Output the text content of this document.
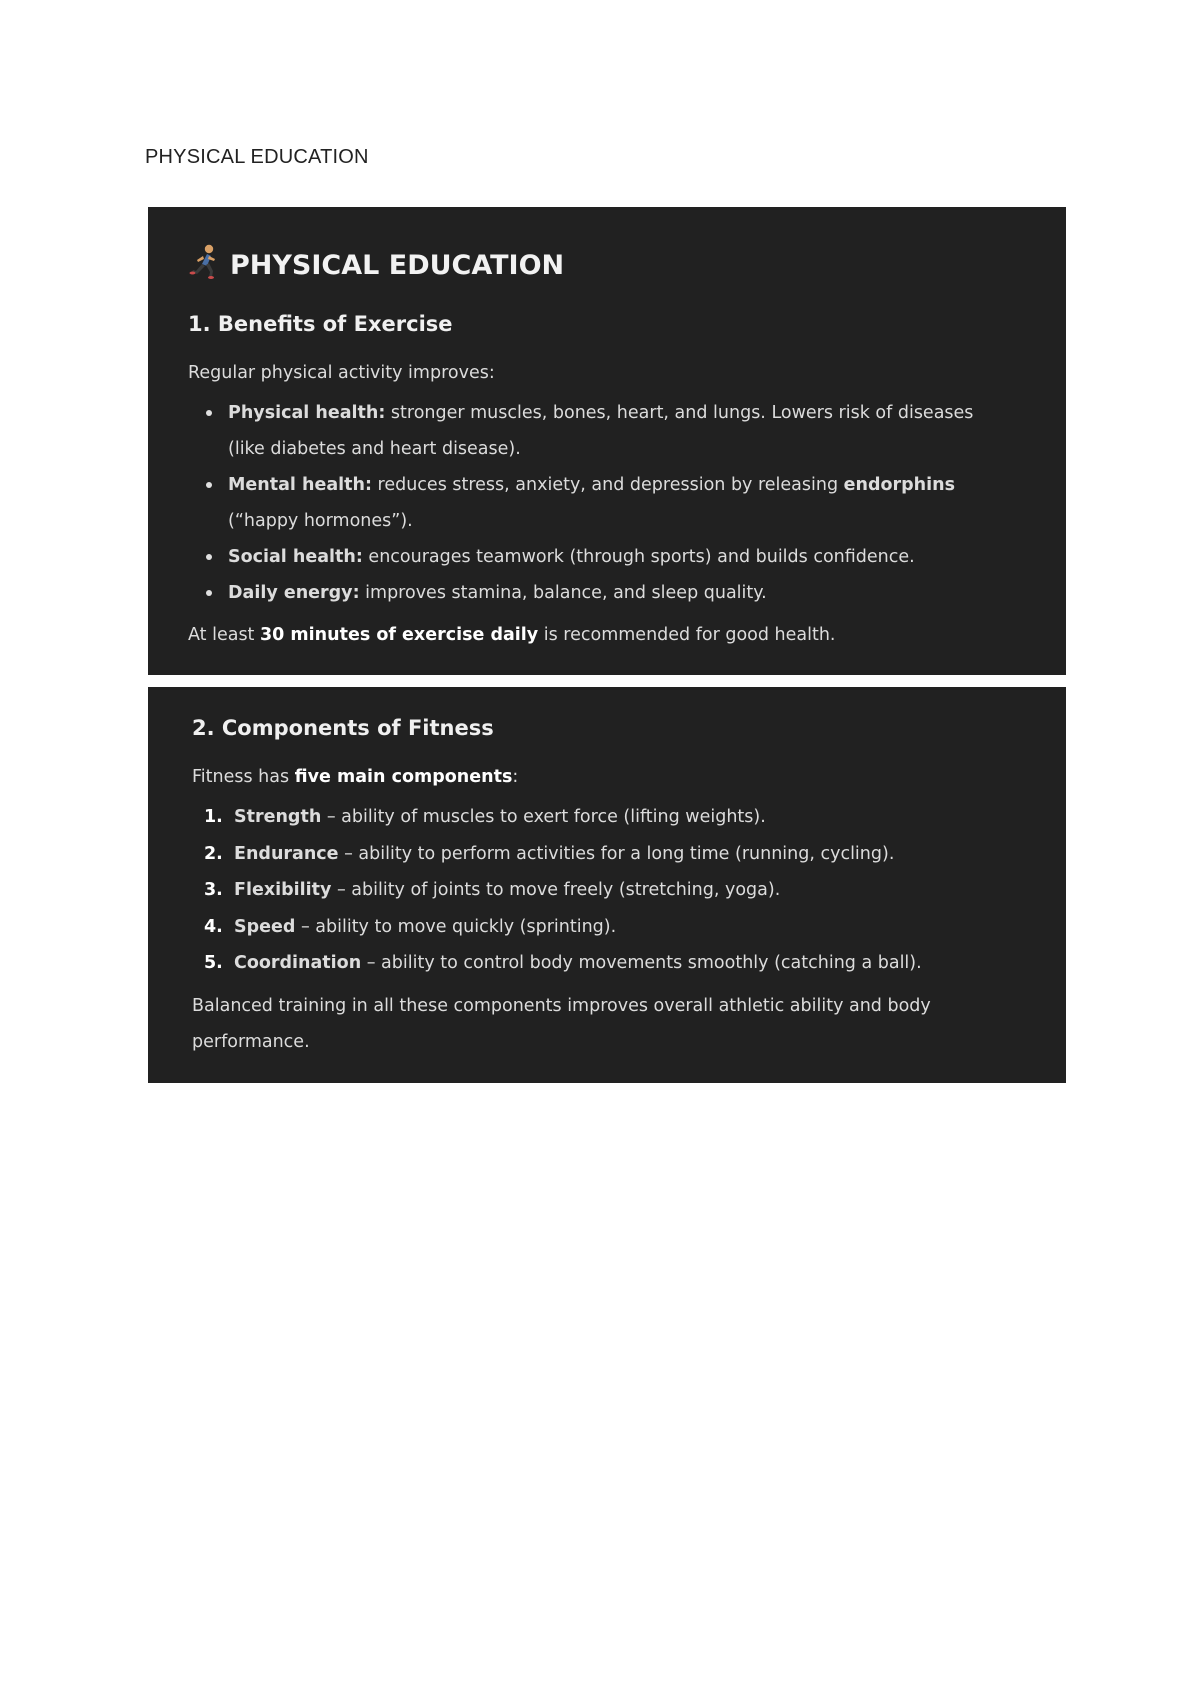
PHYSICAL EDUCATION
PHYSICAL EDUCATION
1. Benefits of Exercise

Regular physical activity improves:

Physical health: stronger muscles, bones, heart, and lungs. Lowers risk of diseases (like diabetes and heart disease).
Mental health: reduces stress, anxiety, and depression by releasing endorphins (“happy hormones”).
Social health: encourages teamwork (through sports) and builds confidence.
Daily energy: improves stamina, balance, and sleep quality.

At least 30 minutes of exercise daily is recommended for good health.

2. Components of Fitness

Fitness has five main components:

1. Strength – ability of muscles to exert force (lifting weights).
2. Endurance – ability to perform activities for a long time (running, cycling).
3. Flexibility – ability of joints to move freely (stretching, yoga).
4. Speed – ability to move quickly (sprinting).
5. Coordination – ability to control body movements smoothly (catching a ball).

Balanced training in all these components improves overall athletic ability and body performance.
